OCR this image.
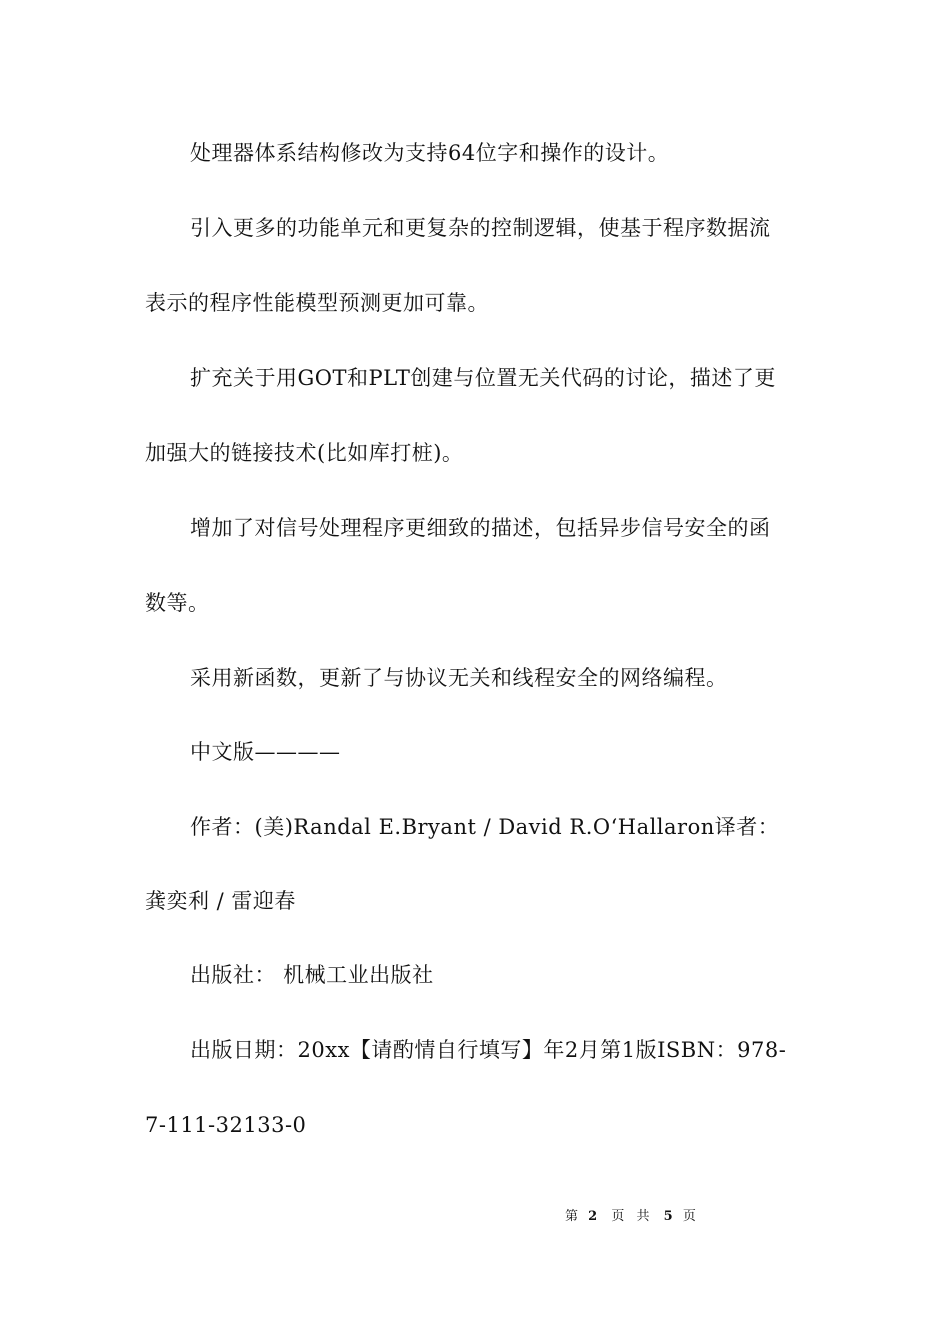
处理器体系结构修改为支持64位字和操作的设计。
引入更多的功能单元和更复杂的控制逻辑，使基于程序数据流
表示的程序性能模型预测更加可靠。
扩充关于用GOT和PLT创建与位置无关代码的讨论，描述了更
加强大的链接技术(比如库打桩)。
增加了对信号处理程序更细致的描述，包括异步信号安全的函
数等。
采用新函数，更新了与协议无关和线程安全的网络编程。
中文版————
作者：(美)Randal E.Bryant / David R.O‘Hallaron译者：
龚奕利 / 雷迎春
出版社： 机械工业出版社
出版日期：20xx【请酌情自行填写】年2月第1版ISBN：978-
7-111-32133-0
第 2 页 共 5 页
